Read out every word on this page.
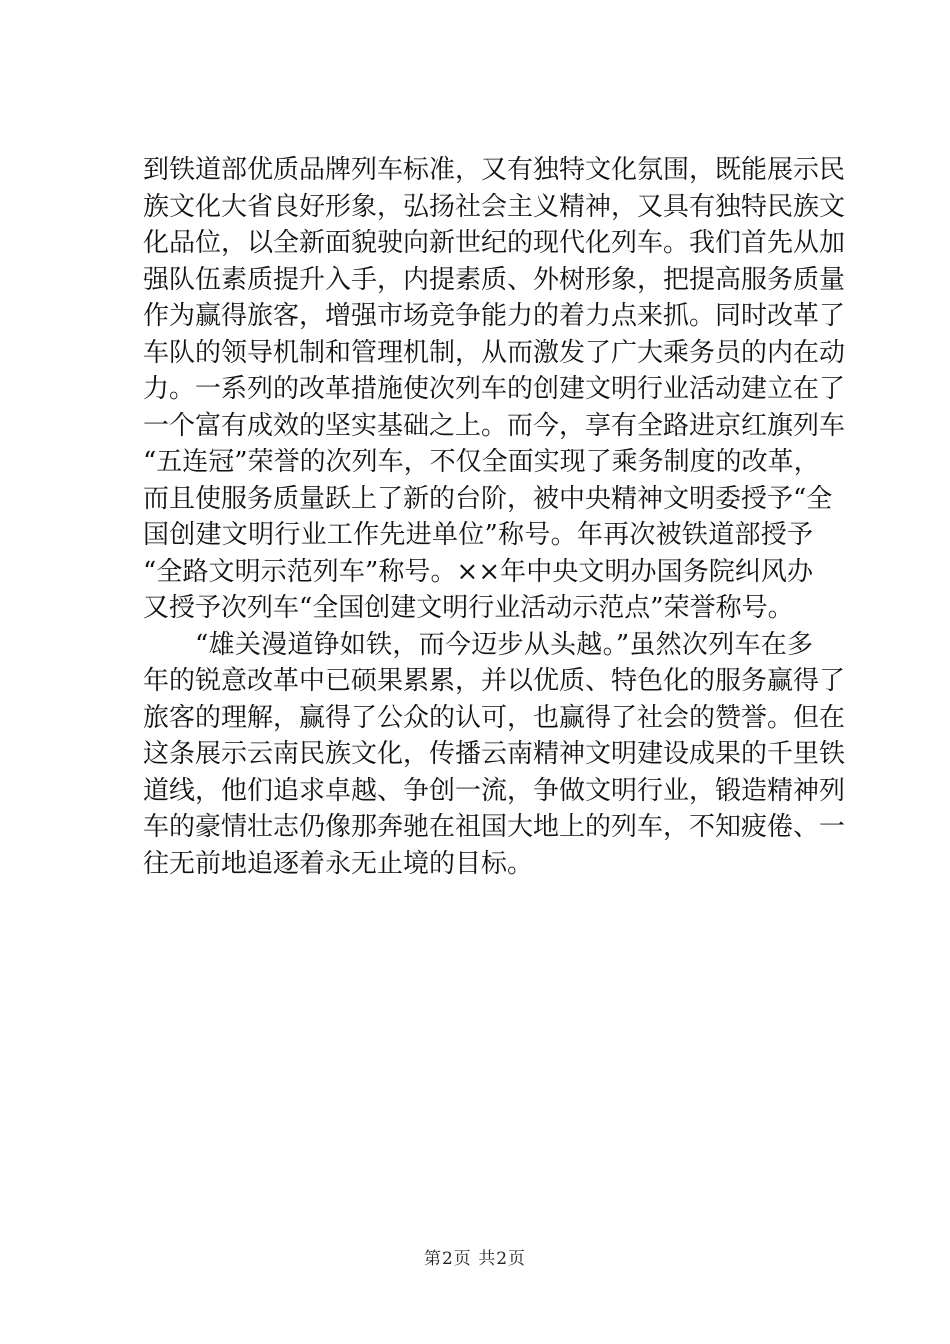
到铁道部优质品牌列车标准，又有独特文化氛围，既能展示民
族文化大省良好形象，弘扬社会主义精神，又具有独特民族文
化品位，以全新面貌驶向新世纪的现代化列车。我们首先从加
强队伍素质提升入手，内提素质、外树形象，把提高服务质量
作为赢得旅客，增强市场竞争能力的着力点来抓。同时改革了
车队的领导机制和管理机制，从而激发了广大乘务员的内在动
力。一系列的改革措施使次列车的创建文明行业活动建立在了
一个富有成效的坚实基础之上。而今，享有全路进京红旗列车
“五连冠”荣誉的次列车，不仅全面实现了乘务制度的改革，
而且使服务质量跃上了新的台阶，被中央精神文明委授予“全
国创建文明行业工作先进单位”称号。年再次被铁道部授予
“全路文明示范列车”称号。××年中央文明办国务院纠风办
又授予次列车“全国创建文明行业活动示范点”荣誉称号。
“雄关漫道铮如铁，而今迈步从头越。”虽然次列车在多
年的锐意改革中已硕果累累，并以优质、特色化的服务赢得了
旅客的理解，赢得了公众的认可，也赢得了社会的赞誉。但在
这条展示云南民族文化，传播云南精神文明建设成果的千里铁
道线，他们追求卓越、争创一流，争做文明行业，锻造精神列
车的豪情壮志仍像那奔驰在祖国大地上的列车，不知疲倦、一
往无前地追逐着永无止境的目标。
第2页 共2页
